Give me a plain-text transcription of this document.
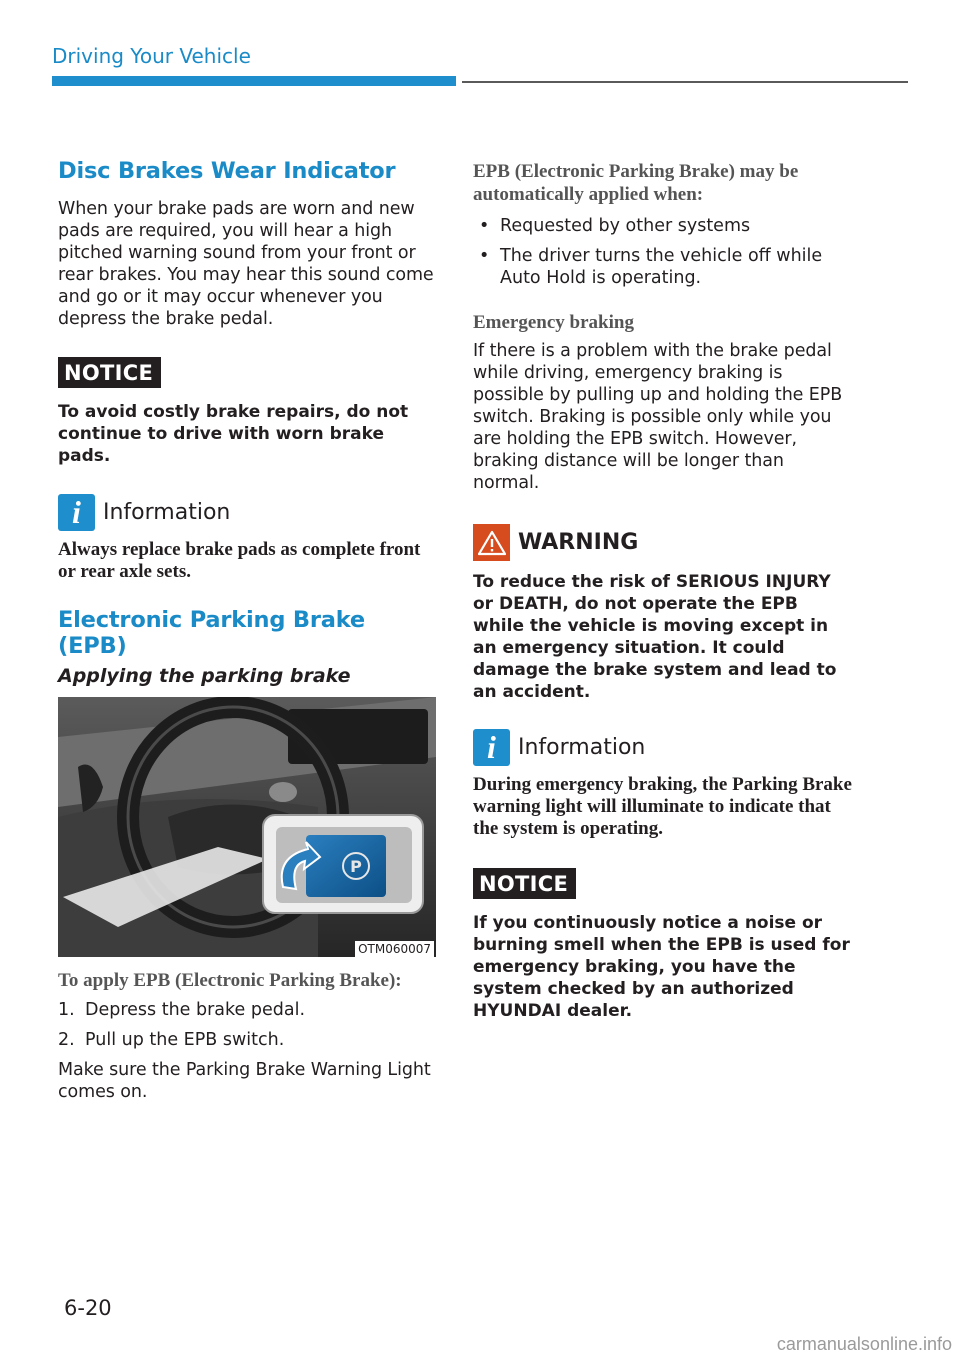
Driving Your Vehicle
Disc Brakes Wear Indicator

When your brake pads are worn and new pads are required, you will hear a high pitched warning sound from your front or rear brakes. You may hear this sound come and go or it may occur whenever you depress the brake pedal.

NOTICE

To avoid costly brake repairs, do not continue to drive with worn brake pads.

i	Information

Always replace brake pads as complete front or rear axle sets.

Electronic Parking Brake (EPB)
Applying the parking brake
P
OTM060007

To apply EPB (Electronic Parking Brake):

1. Depress the brake pedal.
2. Pull up the EPB switch.

Make sure the Parking Brake Warning Light comes on.

EPB (Electronic Parking Brake) may be automatically applied when:

• Requested by other systems
• The driver turns the vehicle off while Auto Hold is operating.

Emergency braking

If there is a problem with the brake pedal while driving, emergency braking is possible by pulling up and holding the EPB switch. Braking is possible only while you are holding the EPB switch. However, braking distance will be longer than normal.

WARNING

To reduce the risk of SERIOUS INJURY or DEATH, do not operate the EPB while the vehicle is moving except in an emergency situation. It could damage the brake system and lead to an accident.

i	Information

During emergency braking, the Parking Brake warning light will illuminate to indicate that the system is operating.

NOTICE

If you continuously notice a noise or burning smell when the EPB is used for emergency braking, you have the system checked by an authorized HYUNDAI dealer.

6-20
carmanualsonline.info
